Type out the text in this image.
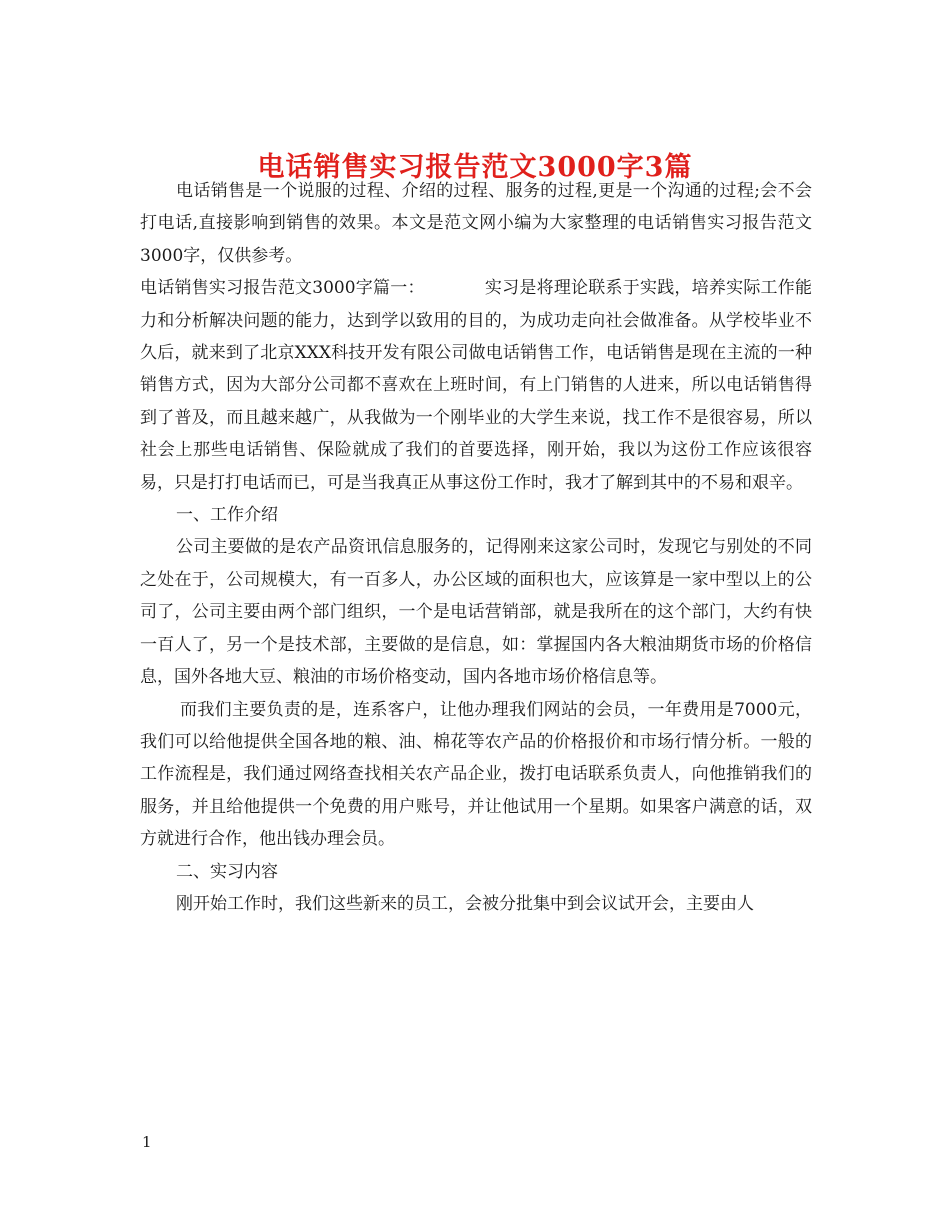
电话销售实习报告范文3000字3篇

电话销售是一个说服的过程、介绍的过程、服务的过程,更是一个沟通的过程;会不会打电话,直接影响到销售的效果。本文是范文网小编为大家整理的电话销售实习报告范文3000字，仅供参考。

电话销售实习报告范文3000字篇一：	实习是将理论联系于实践，培养实际工作能力和分析解决问题的能力，达到学以致用的目的，为成功走向社会做准备。从学校毕业不久后，就来到了北京XXX科技开发有限公司做电话销售工作，电话销售是现在主流的一种销售方式，因为大部分公司都不喜欢在上班时间，有上门销售的人进来，所以电话销售得到了普及，而且越来越广，从我做为一个刚毕业的大学生来说，找工作不是很容易，所以社会上那些电话销售、保险就成了我们的首要选择，刚开始，我以为这份工作应该很容易，只是打打电话而已，可是当我真正从事这份工作时，我才了解到其中的不易和艰辛。

一、工作介绍

公司主要做的是农产品资讯信息服务的，记得刚来这家公司时，发现它与别处的不同之处在于，公司规模大，有一百多人，办公区域的面积也大，应该算是一家中型以上的公司了，公司主要由两个部门组织，一个是电话营销部，就是我所在的这个部门，大约有快一百人了，另一个是技术部，主要做的是信息，如：掌握国内各大粮油期货市场的价格信息，国外各地大豆、粮油的市场价格变动，国内各地市场价格信息等。

而我们主要负责的是，连系客户，让他办理我们网站的会员，一年费用是7000元，我们可以给他提供全国各地的粮、油、棉花等农产品的价格报价和市场行情分析。一般的工作流程是，我们通过网络查找相关农产品企业，拨打电话联系负责人，向他推销我们的服务，并且给他提供一个免费的用户账号，并让他试用一个星期。如果客户满意的话，双方就进行合作，他出钱办理会员。

二、实习内容

刚开始工作时，我们这些新来的员工，会被分批集中到会议试开会，主要由人

1
